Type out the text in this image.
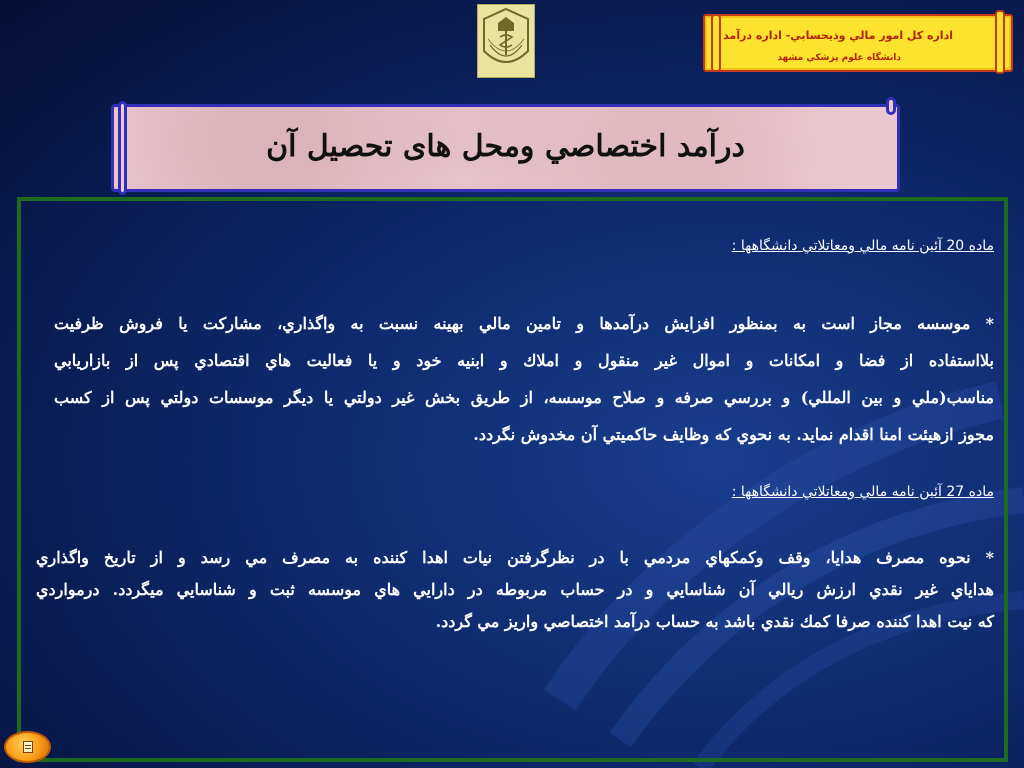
اداره كل امور مالي وذيحسابي- اداره درآمد
دانشگاه علوم پزشكي مشهد
درآمد اختصاصي ومحل های تحصيل آن
ماده 20 آئين نامه مالي ومعاتلاتي دانشگاهها :
* موسسه مجاز است به بمنظور افزايش درآمدها و تامين مالي بهينه نسبت به واگذاري، مشاركت يا فروش ظرفيت
بلااستفاده از فضا و امكانات و اموال غير منقول و املاك و ابنيه خود و يا فعاليت هاي اقتصادي پس از بازاريابي
مناسب(ملي و بين المللي) و بررسي صرفه و صلاح موسسه، از طريق بخش غير دولتي يا ديگر موسسات دولتي پس از كسب
مجوز ازهيئت امنا اقدام نمايد. به نحوي كه وظايف حاكميتي آن مخدوش نگردد.
ماده 27 آئين نامه مالي ومعاتلاتي دانشگاهها :
* نحوه مصرف هدايا، وقف وكمكهاي مردمي با در نظرگرفتن نيات اهدا كننده به مصرف مي رسد و از تاريخ واگذاري
هداياي غير نقدي ارزش ريالي آن شناسايي و در حساب مربوطه در دارايي هاي موسسه ثبت و شناسايي ميگردد. درمواردي
كه نيت اهدا كننده صرفا كمك نقدي باشد به حساب درآمد اختصاصي واريز مي گردد.
